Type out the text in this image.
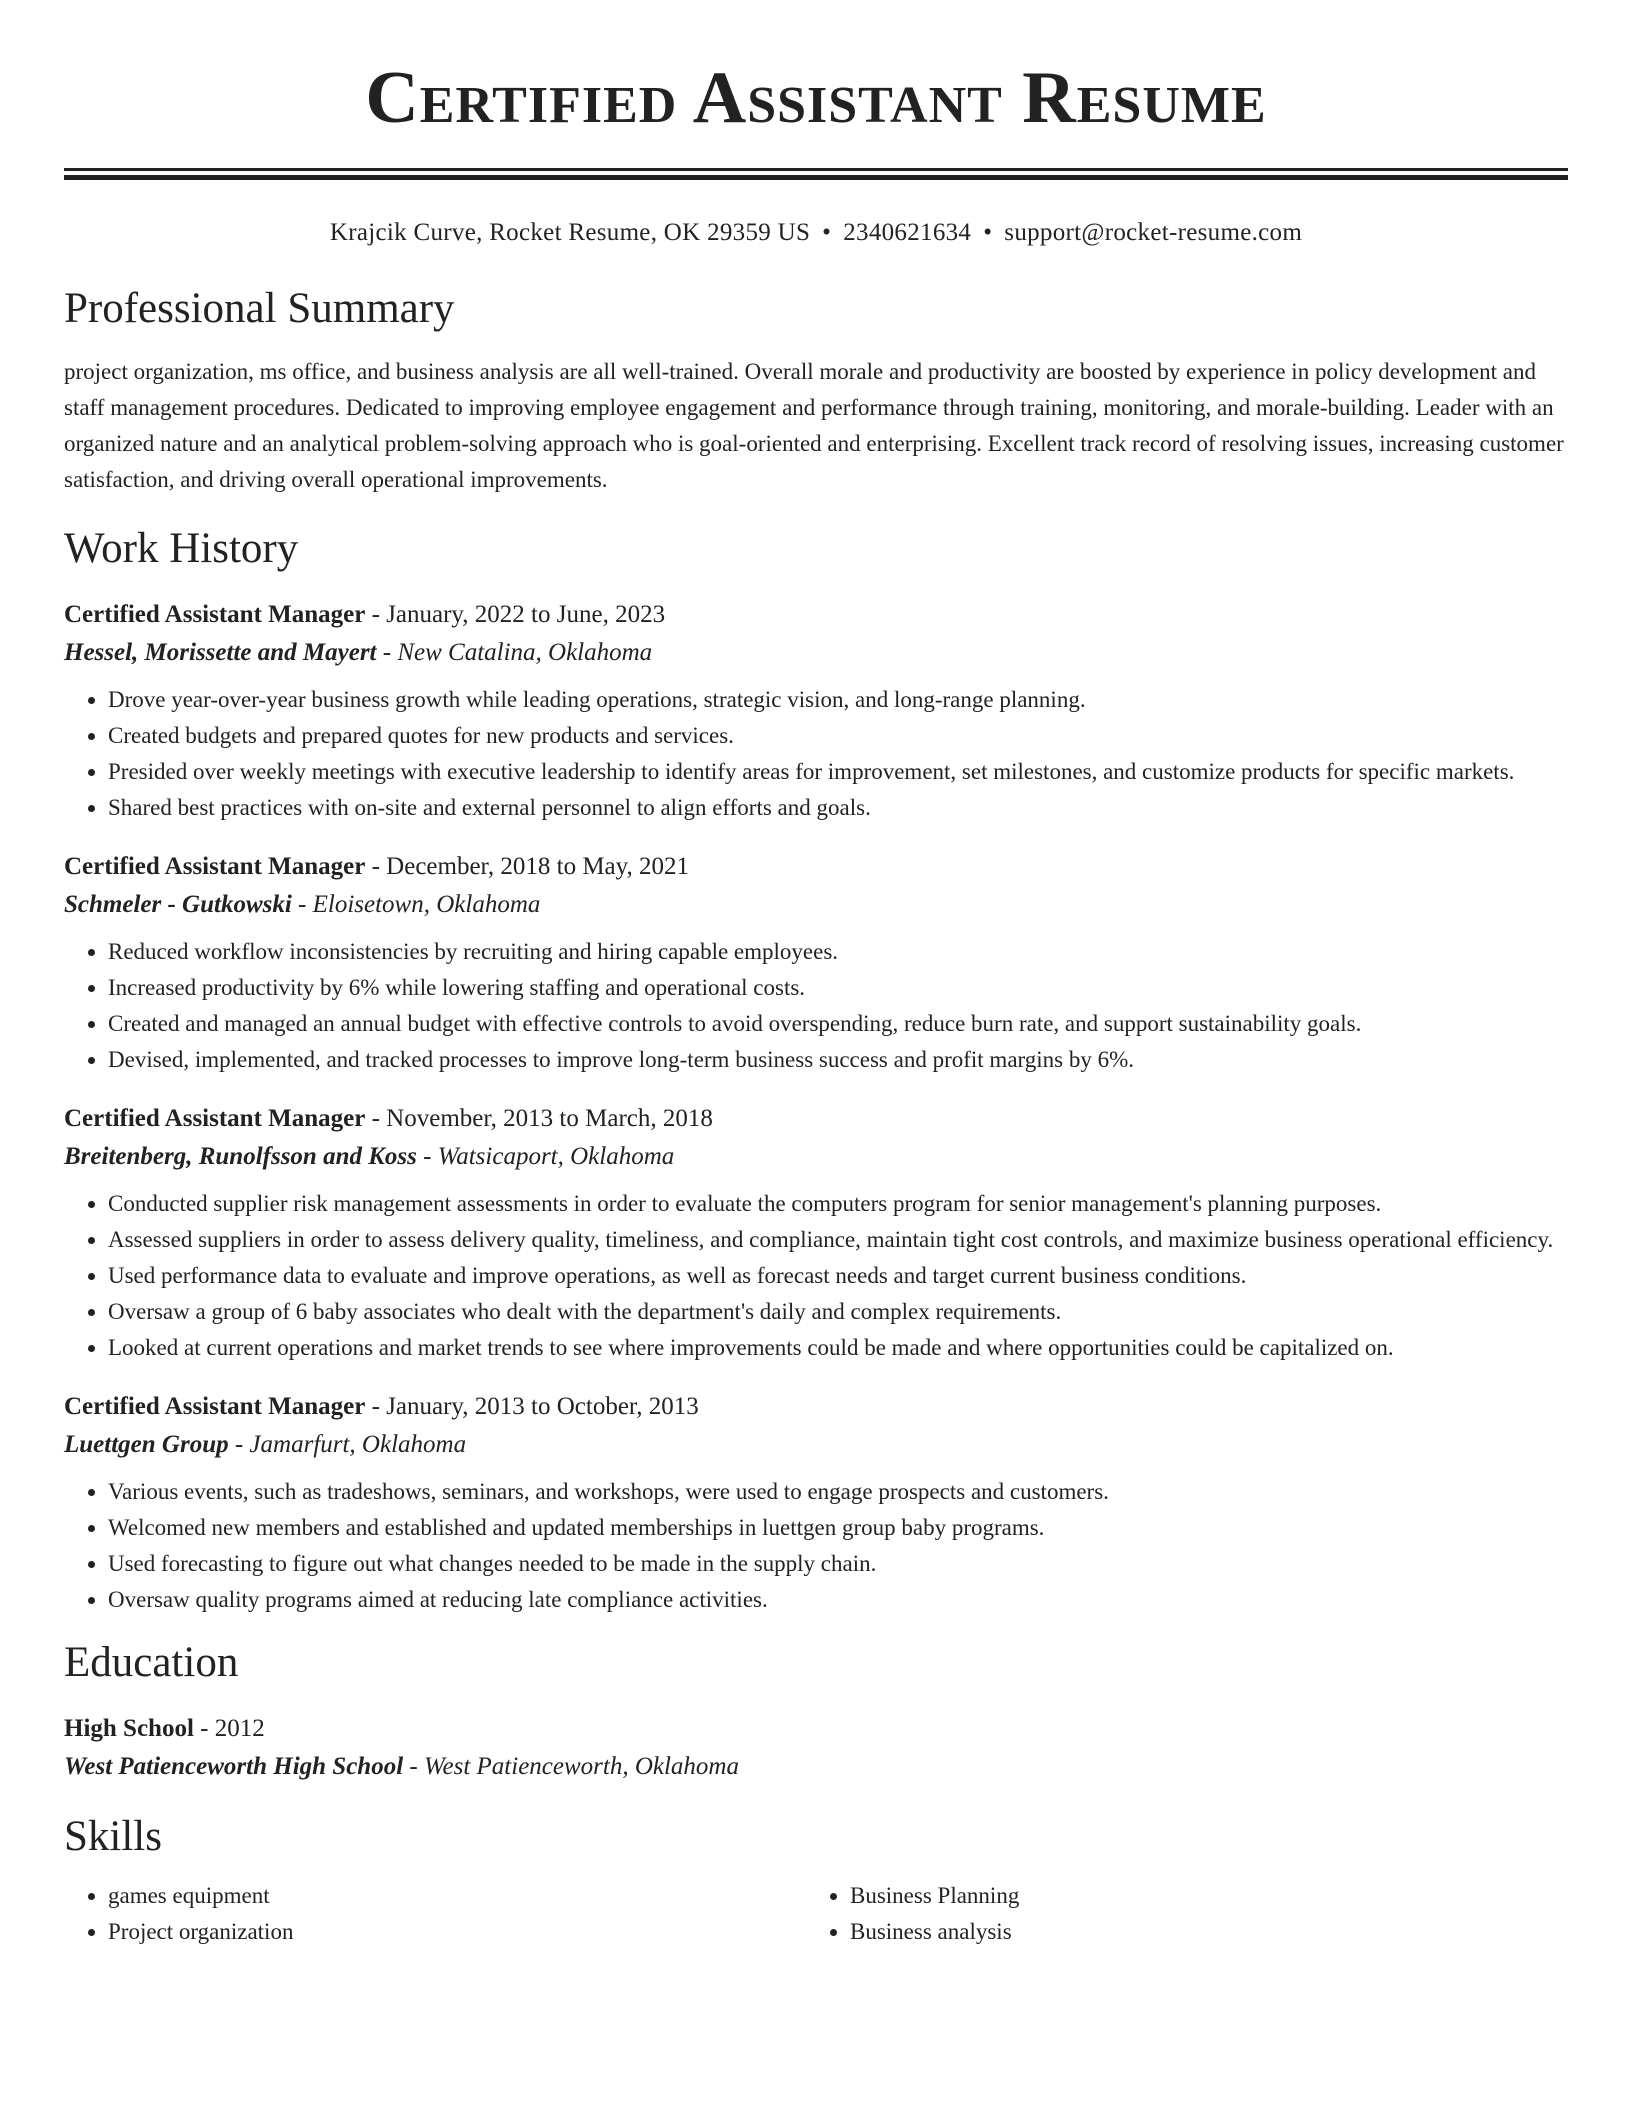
Certified Assistant Resume
Krajcik Curve, Rocket Resume, OK 29359 US • 2340621634 • support@rocket-resume.com
Professional Summary
project organization, ms office, and business analysis are all well-trained. Overall morale and productivity are boosted by experience in policy development and staff management procedures. Dedicated to improving employee engagement and performance through training, monitoring, and morale-building. Leader with an organized nature and an analytical problem-solving approach who is goal-oriented and enterprising. Excellent track record of resolving issues, increasing customer satisfaction, and driving overall operational improvements.
Work History
Certified Assistant Manager - January, 2022 to June, 2023
Hessel, Morissette and Mayert - New Catalina, Oklahoma
• Drove year-over-year business growth while leading operations, strategic vision, and long-range planning.
• Created budgets and prepared quotes for new products and services.
• Presided over weekly meetings with executive leadership to identify areas for improvement, set milestones, and customize products for specific markets.
• Shared best practices with on-site and external personnel to align efforts and goals.
Certified Assistant Manager - December, 2018 to May, 2021
Schmeler - Gutkowski - Eloisetown, Oklahoma
• Reduced workflow inconsistencies by recruiting and hiring capable employees.
• Increased productivity by 6% while lowering staffing and operational costs.
• Created and managed an annual budget with effective controls to avoid overspending, reduce burn rate, and support sustainability goals.
• Devised, implemented, and tracked processes to improve long-term business success and profit margins by 6%.
Certified Assistant Manager - November, 2013 to March, 2018
Breitenberg, Runolfsson and Koss - Watsicaport, Oklahoma
• Conducted supplier risk management assessments in order to evaluate the computers program for senior management's planning purposes.
• Assessed suppliers in order to assess delivery quality, timeliness, and compliance, maintain tight cost controls, and maximize business operational efficiency.
• Used performance data to evaluate and improve operations, as well as forecast needs and target current business conditions.
• Oversaw a group of 6 baby associates who dealt with the department's daily and complex requirements.
• Looked at current operations and market trends to see where improvements could be made and where opportunities could be capitalized on.
Certified Assistant Manager - January, 2013 to October, 2013
Luettgen Group - Jamarfurt, Oklahoma
• Various events, such as tradeshows, seminars, and workshops, were used to engage prospects and customers.
• Welcomed new members and established and updated memberships in luettgen group baby programs.
• Used forecasting to figure out what changes needed to be made in the supply chain.
• Oversaw quality programs aimed at reducing late compliance activities.
Education
High School - 2012
West Patienceworth High School - West Patienceworth, Oklahoma
Skills
• games equipment
• Project organization
• Business Planning
• Business analysis
